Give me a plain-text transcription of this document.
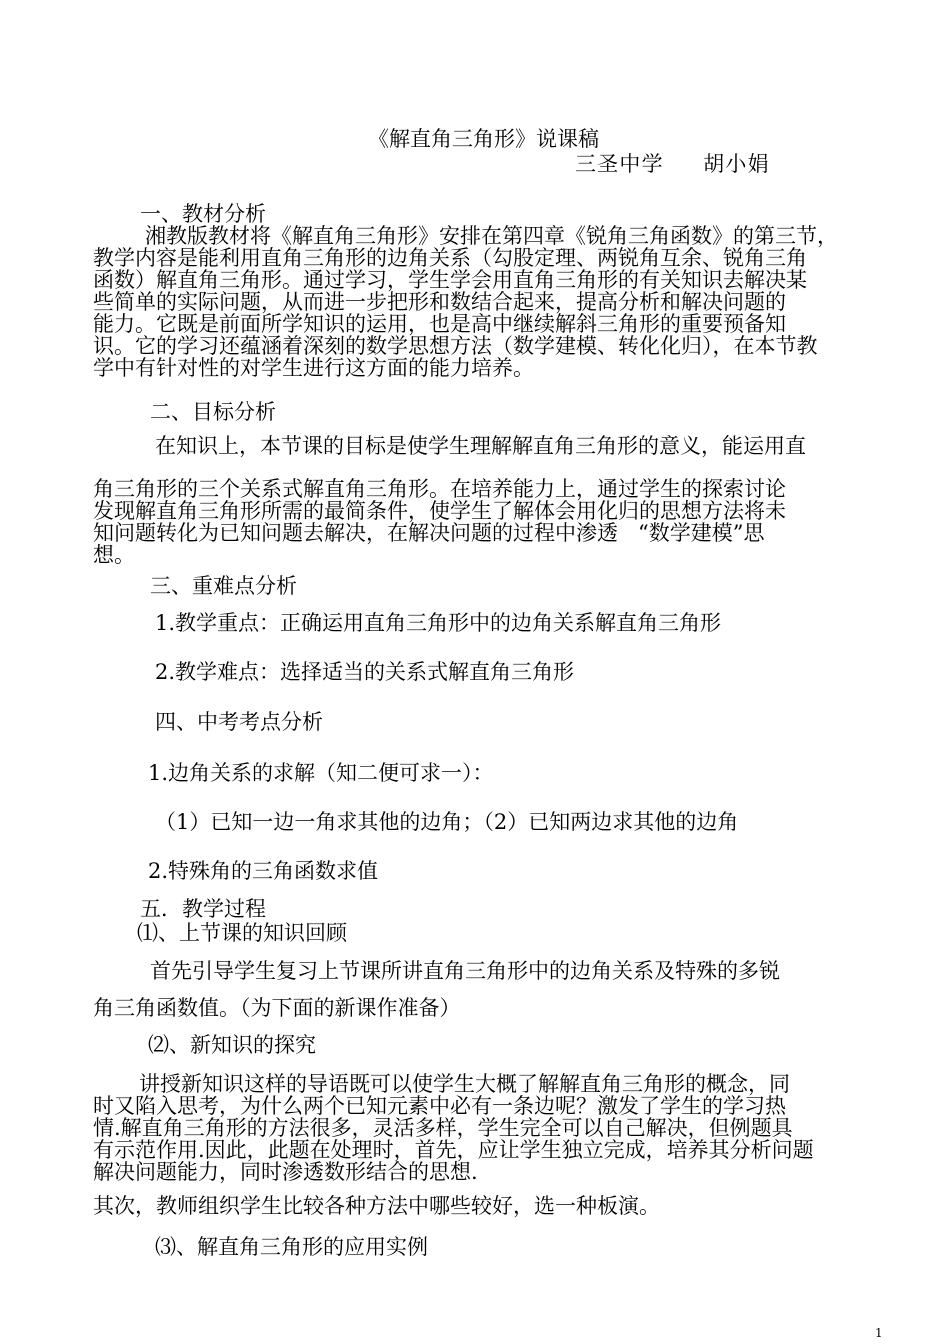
《解直角三角形》说课稿
三圣中学     胡小娟
一、教材分析
湘教版教材将《解直角三角形》安排在第四章《锐角三角函数》的第三节，
教学内容是能利用直角三角形的边角关系（勾股定理、两锐角互余、锐角三角
函数）解直角三角形。通过学习，学生学会用直角三角形的有关知识去解决某
些简单的实际问题，从而进一步把形和数结合起来，提高分析和解决问题的
能力。它既是前面所学知识的运用，也是高中继续解斜三角形的重要预备知
识。它的学习还蕴涵着深刻的数学思想方法（数学建模、转化化归），在本节教
学中有针对性的对学生进行这方面的能力培养。
二、目标分析
在知识上，本节课的目标是使学生理解解直角三角形的意义，能运用直
角三角形的三个关系式解直角三角形。在培养能力上，通过学生的探索讨论
发现解直角三角形所需的最简条件，使学生了解体会用化归的思想方法将未
知问题转化为已知问题去解决，在解决问题的过程中渗透   “数学建模”思
想。
三、重难点分析
1.教学重点：正确运用直角三角形中的边角关系解直角三角形
2.教学难点：选择适当的关系式解直角三角形
四、中考考点分析
1.边角关系的求解（知二便可求一）：
（1）已知一边一角求其他的边角；（2）已知两边求其他的边角
2.特殊角的三角函数求值
五．教学过程
⑴、上节课的知识回顾
首先引导学生复习上节课所讲直角三角形中的边角关系及特殊的多锐
角三角函数值。（为下面的新课作准备）
⑵、新知识的探究
讲授新知识这样的导语既可以使学生大概了解解直角三角形的概念，同
时又陷入思考，为什么两个已知元素中必有一条边呢？激发了学生的学习热
情.解直角三角形的方法很多，灵活多样，学生完全可以自己解决，但例题具
有示范作用.因此，此题在处理时，首先，应让学生独立完成，培养其分析问题
解决问题能力，同时渗透数形结合的思想.
其次，教师组织学生比较各种方法中哪些较好，选一种板演。
⑶、解直角三角形的应用实例
1
